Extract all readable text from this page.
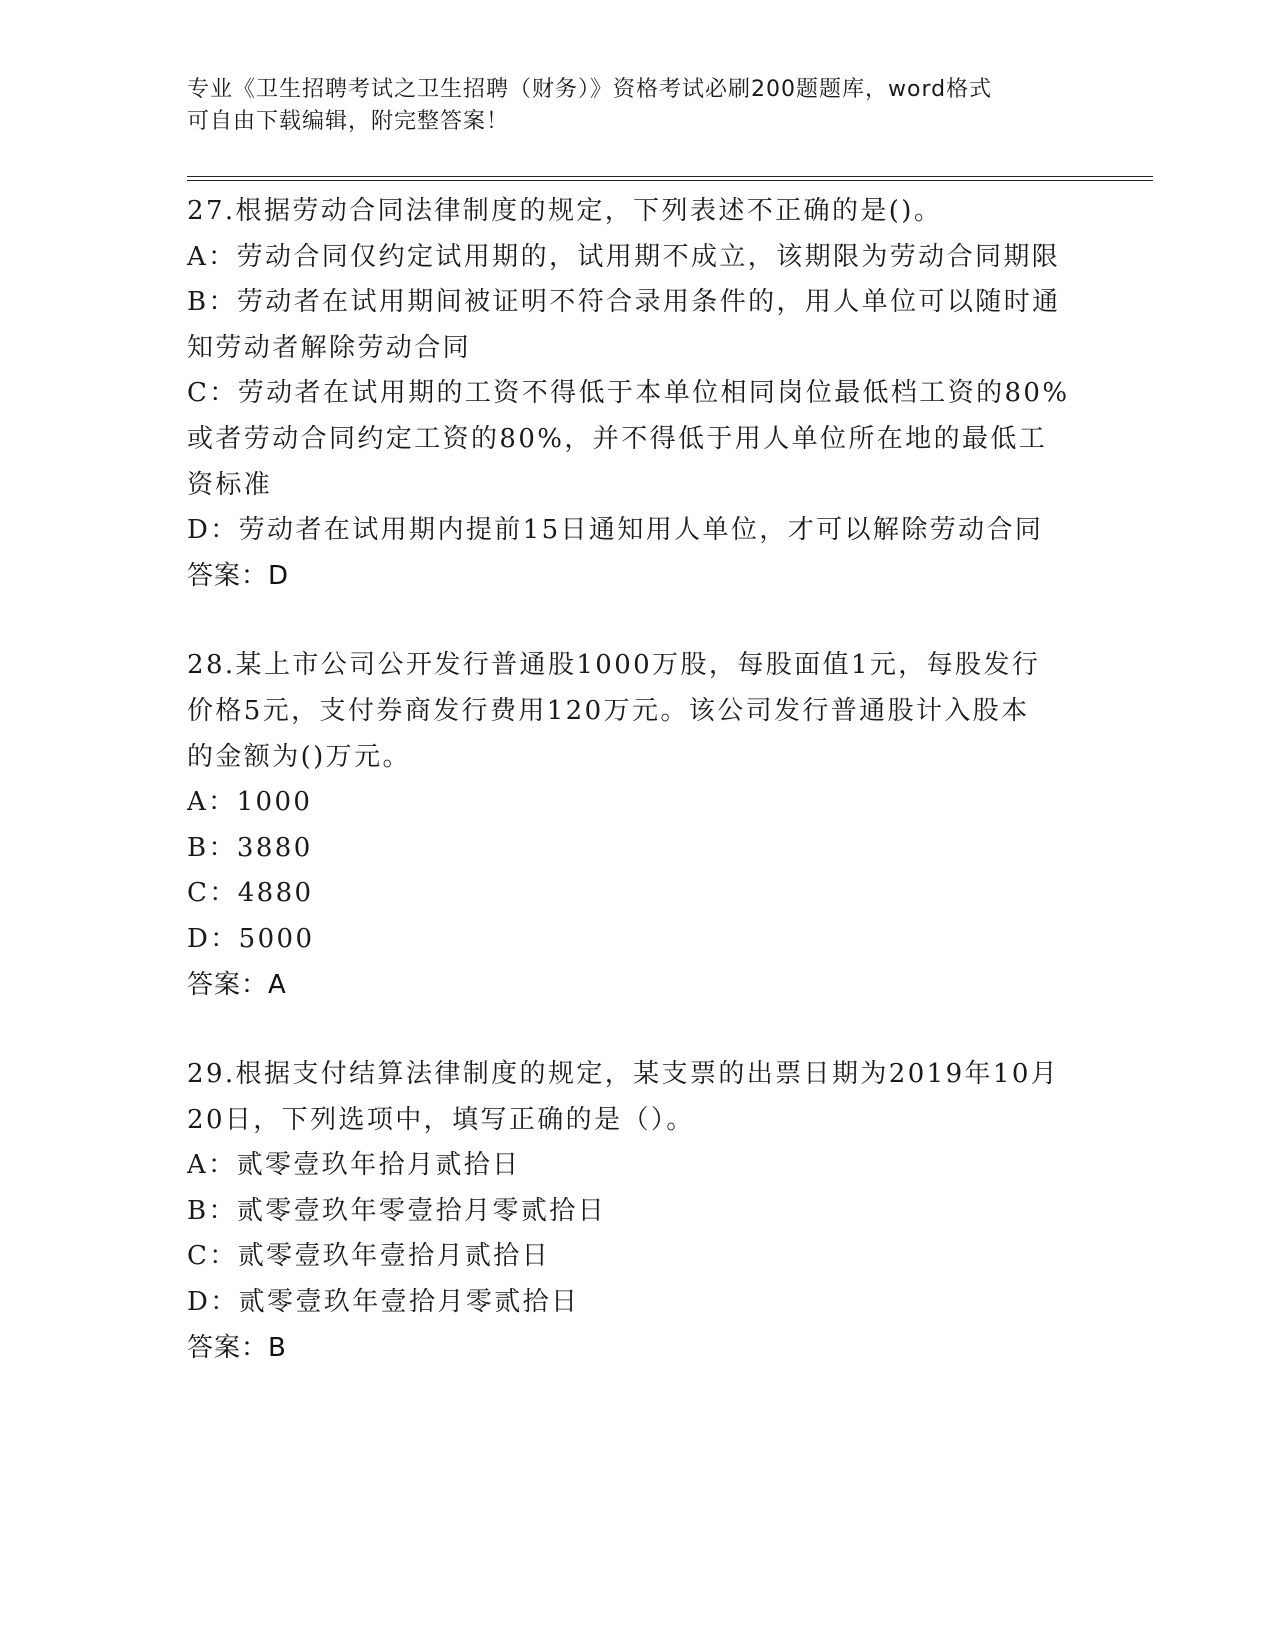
专业《卫生招聘考试之卫生招聘（财务）》资格考试必刷200题题库，word格式
可自由下载编辑，附完整答案！
27.根据劳动合同法律制度的规定，下列表述不正确的是()。
A：劳动合同仅约定试用期的，试用期不成立，该期限为劳动合同期限
B：劳动者在试用期间被证明不符合录用条件的，用人单位可以随时通
知劳动者解除劳动合同
C：劳动者在试用期的工资不得低于本单位相同岗位最低档工资的80%
或者劳动合同约定工资的80%，并不得低于用人单位所在地的最低工
资标准
D：劳动者在试用期内提前15日通知用人单位，才可以解除劳动合同
答案：D
28.某上市公司公开发行普通股1000万股，每股面值1元，每股发行
价格5元，支付券商发行费用120万元。该公司发行普通股计入股本
的金额为()万元。
A：1000
B：3880
C：4880
D：5000
答案：A
29.根据支付结算法律制度的规定，某支票的出票日期为2019年10月
20日，下列选项中，填写正确的是（）。
A：贰零壹玖年拾月贰拾日
B：贰零壹玖年零壹拾月零贰拾日
C：贰零壹玖年壹拾月贰拾日
D：贰零壹玖年壹拾月零贰拾日
答案：B
